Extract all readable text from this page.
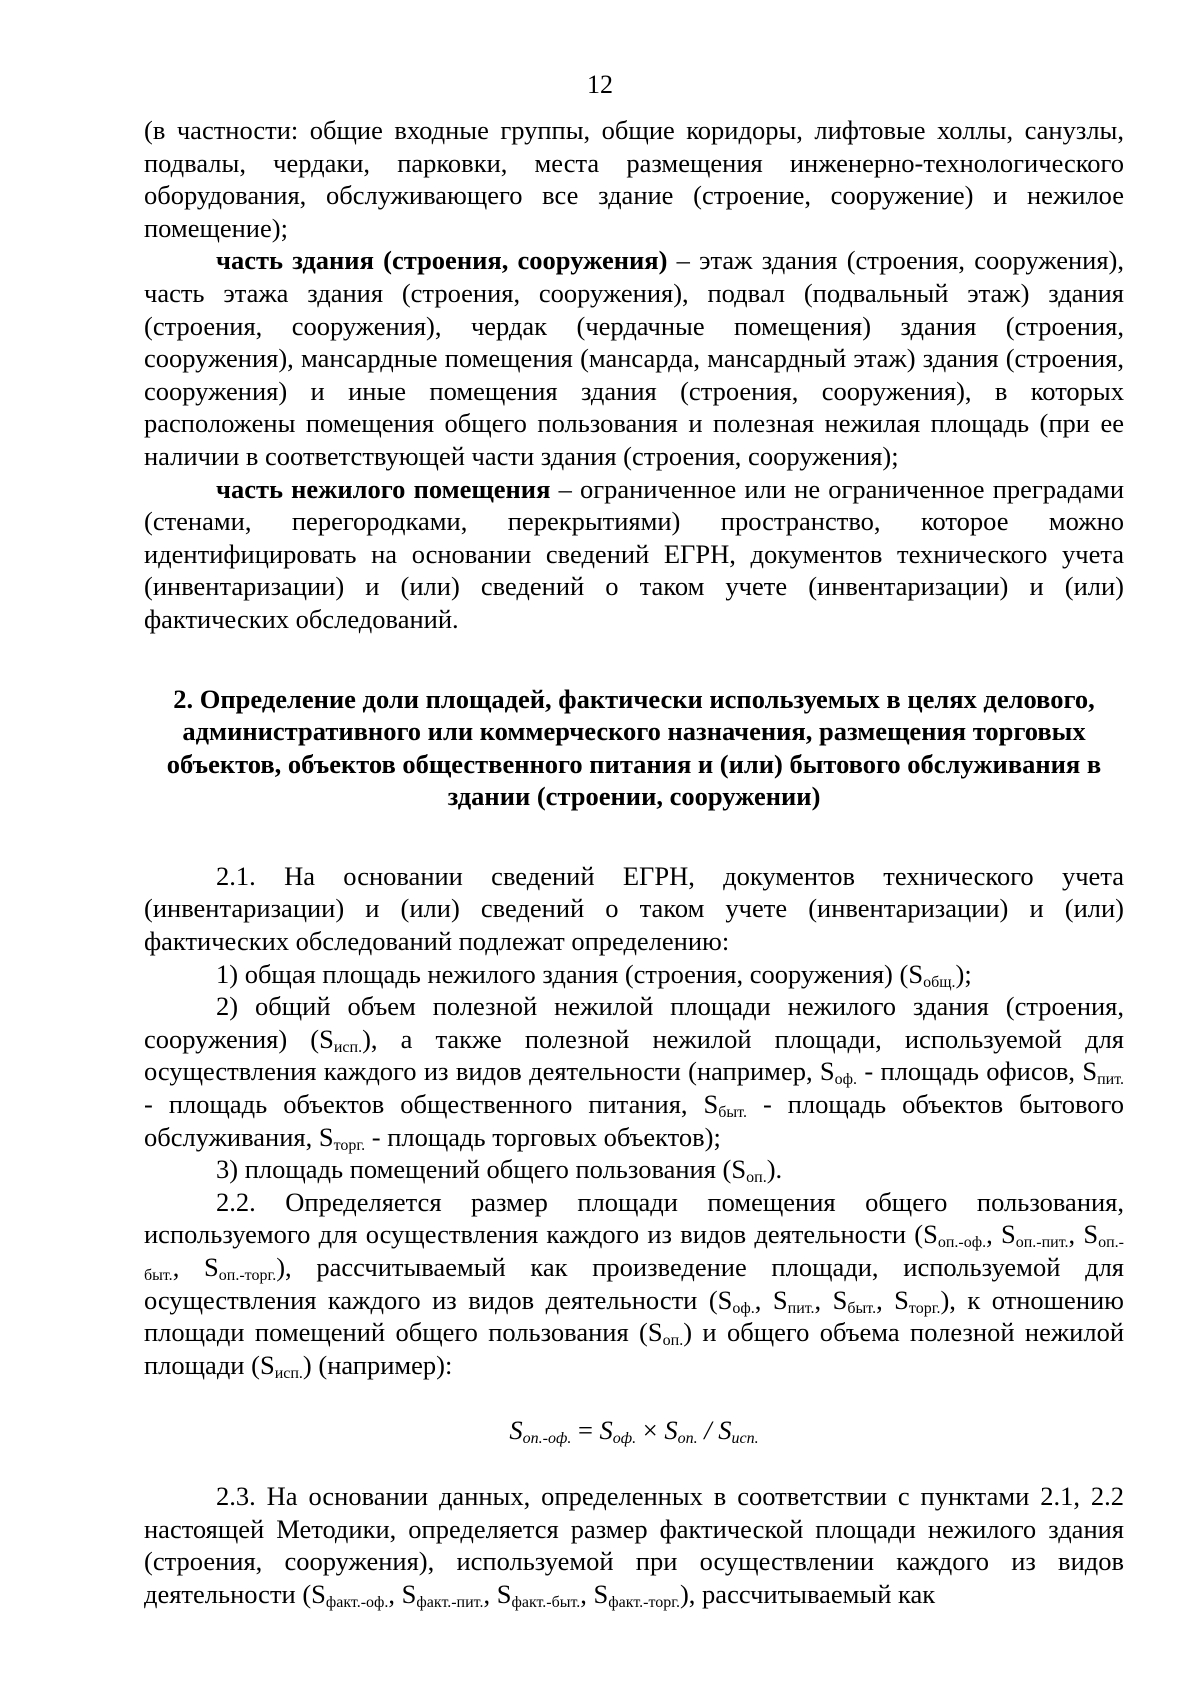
12

(в частности: общие входные группы, общие коридоры, лифтовые холлы, санузлы, подвалы, чердаки, парковки, места размещения инженерно-технологического оборудования, обслуживающего все здание (строение, сооружение) и нежилое помещение);

часть здания (строения, сооружения) – этаж здания (строения, сооружения), часть этажа здания (строения, сооружения), подвал (подвальный этаж) здания (строения, сооружения), чердак (чердачные помещения) здания (строения, сооружения), мансардные помещения (мансарда, мансардный этаж) здания (строения, сооружения) и иные помещения здания (строения, сооружения), в которых расположены помещения общего пользования и полезная нежилая площадь (при ее наличии в соответствующей части здания (строения, сооружения);

часть нежилого помещения – ограниченное или не ограниченное преградами (стенами, перегородками, перекрытиями) пространство, которое можно идентифицировать на основании сведений ЕГРН, документов технического учета (инвентаризации) и (или) сведений о таком учете (инвентаризации) и (или) фактических обследований.

2. Определение доли площадей, фактически используемых в целях делового, административного или коммерческого назначения, размещения торговых объектов, объектов общественного питания и (или) бытового обслуживания в здании (строении, сооружении)

2.1. На основании сведений ЕГРН, документов технического учета (инвентаризации) и (или) сведений о таком учете (инвентаризации) и (или) фактических обследований подлежат определению:

1) общая площадь нежилого здания (строения, сооружения) $(S_{общ.})$;

2) общий объем полезной нежилой площади нежилого здания (строения, сооружения) $(S_{исп.})$, а также полезной нежилой площади, используемой для осуществления каждого из видов деятельности (например, $S_{оф.}$ - площадь офисов, $S_{пит.}$ - площадь объектов общественного питания, $S_{быт.}$ - площадь объектов бытового обслуживания, $S_{торг.}$ - площадь торговых объектов);

3) площадь помещений общего пользования $(S_{оп.})$.

2.2. Определяется размер площади помещения общего пользования, используемого для осуществления каждого из видов деятельности ($S_{оп.-оф.}$, $S_{оп.-пит.}$, $S_{оп.-быт.}$, $S_{оп.-торг.}$), рассчитываемый как произведение площади, используемой для осуществления каждого из видов деятельности ($S_{оф.}$, $S_{пит.}$, $S_{быт.}$, $S_{торг.}$), к отношению площади помещений общего пользования $(S_{оп.})$ и общего объема полезной нежилой площади $(S_{исп.})$ (например):

$S_{оп.-оф.} = S_{оф.} \times S_{оп.} / S_{исп.}$

2.3. На основании данных, определенных в соответствии с пунктами 2.1, 2.2 настоящей Методики, определяется размер фактической площади нежилого здания (строения, сооружения), используемой при осуществлении каждого из видов деятельности ($S_{факт.-оф.}$, $S_{факт.-пит.}$, $S_{факт.-быт.}$, $S_{факт.-торг.}$), рассчитываемый как
